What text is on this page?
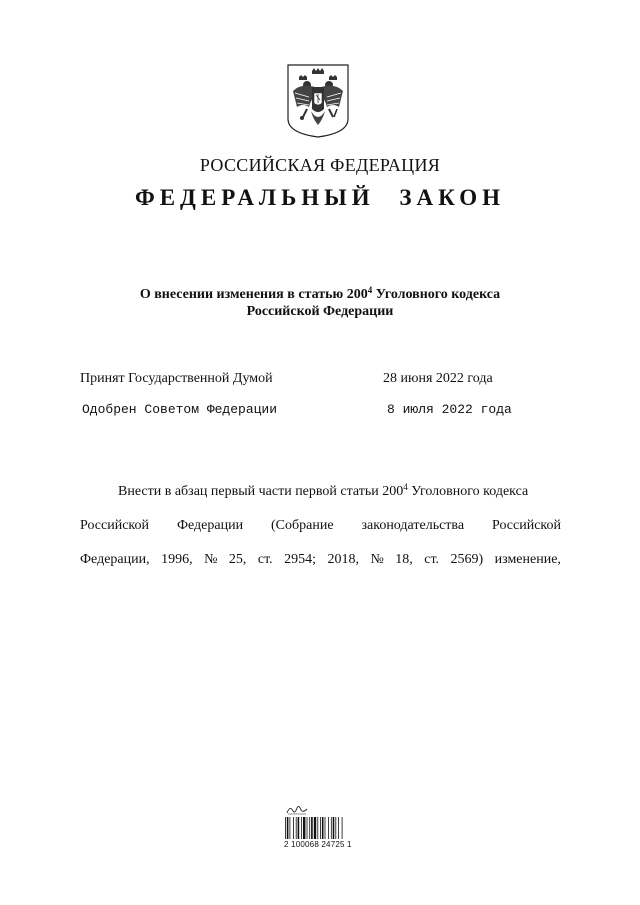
РОССИЙСКАЯ ФЕДЕРАЦИЯ
ФЕДЕРАЛЬНЫЙ ЗАКОН
О внесении изменения в статью $200^4$ Уголовного кодекса
Российской Федерации
Принят Государственной Думой	28 июня 2022 года
Одобрен Советом Федерации	8 июля 2022 года
Внести в абзац первый части первой статьи $200^4$ Уголовного кодекса
Российской Федерации (Собрание законодательства Российской
Федерации, 1996, № 25, ст. 2954; 2018, № 18, ст. 2569) изменение,
2 100068 24725 1
